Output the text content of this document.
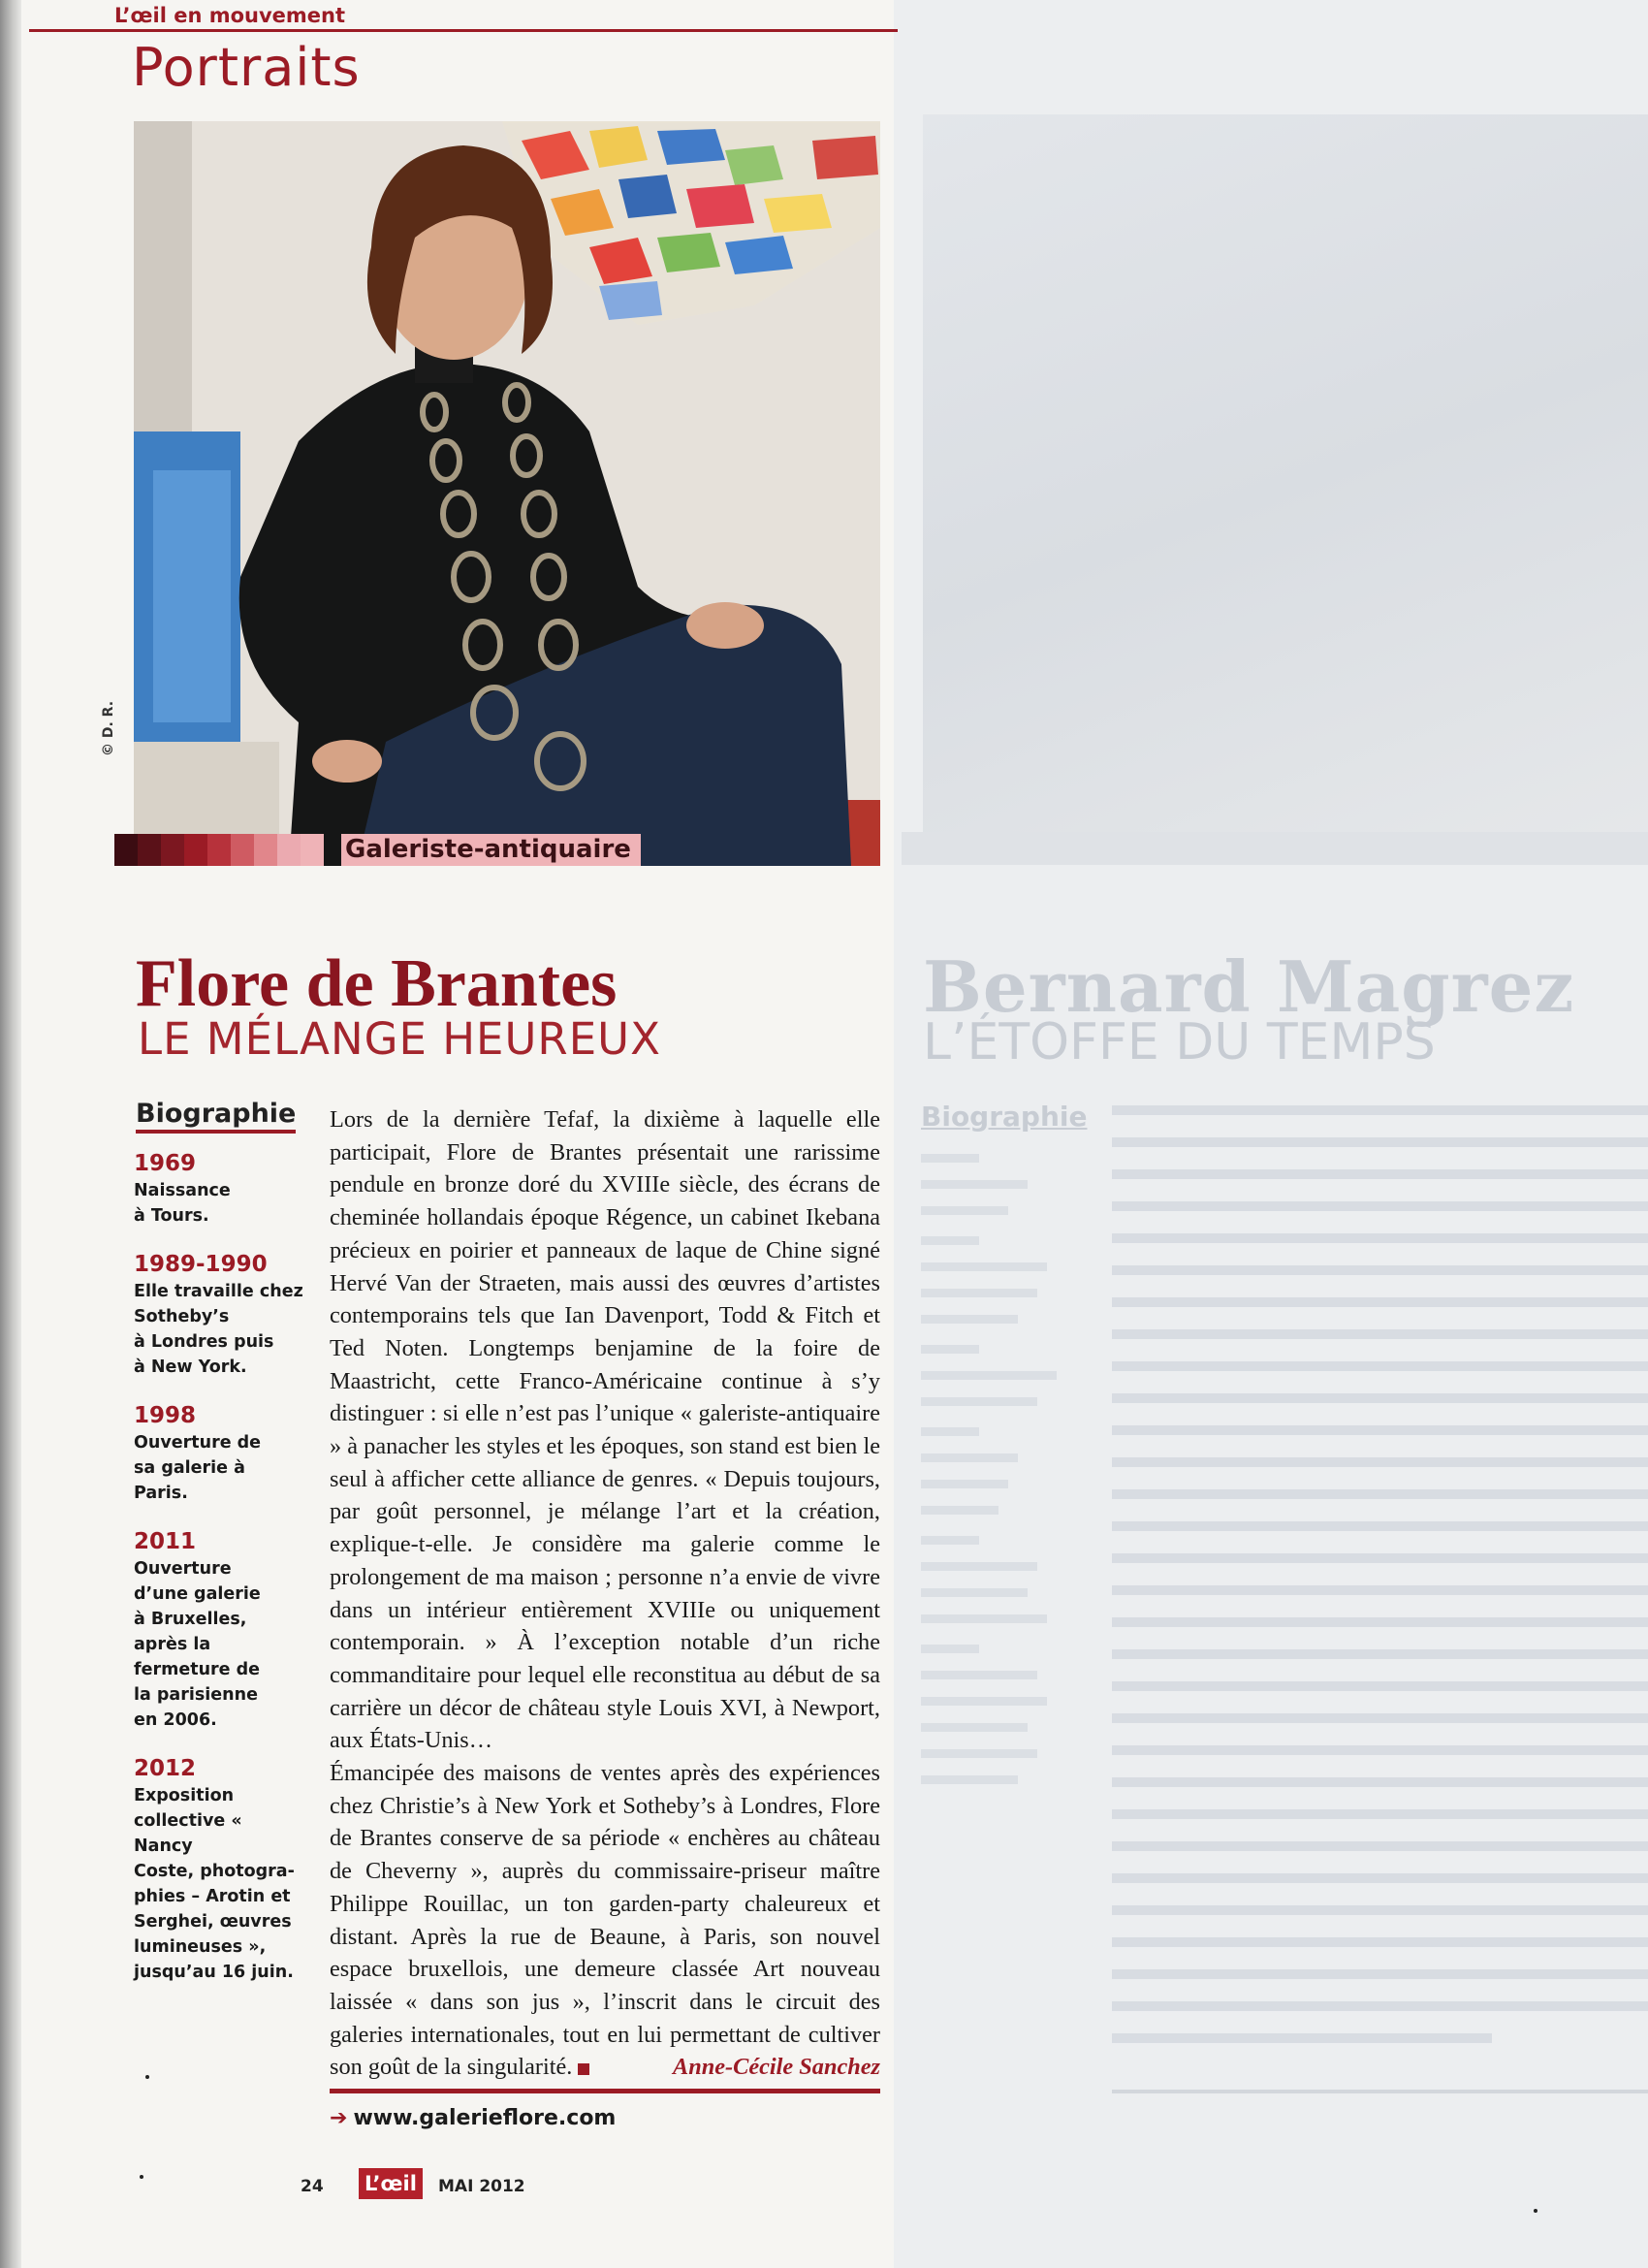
Bernard Magrez
L’ÉTOFFE DU TEMPS
Biographie
L’œil en mouvement
Portraits
© D. R.
Galeriste-antiquaire
Flore de Brantes
LE MÉLANGE HEUREUX
Biographie
1969
Naissance
à Tours.
1989-1990
Elle travaille chez
Sotheby’s
à Londres puis
à New York.
1998
Ouverture de
sa galerie à Paris.
2011
Ouverture
d’une galerie
à Bruxelles,
après la
fermeture de
la parisienne
en 2006.
2012
Exposition
collective « Nancy
Coste, photogra-
phies – Arotin et
Serghei, œuvres
lumineuses »,
jusqu’au 16 juin.

Lors de la dernière Tefaf, la dixième à laquelle elle participait, Flore de Brantes présentait une rarissime pendule en bronze doré du XVIIIe siècle, des écrans de cheminée hollandais époque Régence, un cabinet Ikebana précieux en poirier et panneaux de laque de Chine signé Hervé Van der Straeten, mais aussi des œuvres d’artistes contemporains tels que Ian Davenport, Todd & Fitch et Ted Noten. Longtemps benjamine de la foire de Maastricht, cette Franco-Américaine continue à s’y distinguer : si elle n’est pas l’unique « galeriste-antiquaire » à panacher les styles et les époques, son stand est bien le seul à afficher cette alliance de genres. « Depuis toujours, par goût personnel, je mélange l’art et la création, explique-t-elle. Je considère ma galerie comme le prolongement de ma maison ; personne n’a envie de vivre dans un intérieur entièrement XVIIIe ou uniquement contemporain. » À l’exception notable d’un riche commanditaire pour lequel elle reconstitua au début de sa carrière un décor de château style Louis XVI, à Newport, aux États-Unis…

Émancipée des maisons de ventes après des expériences chez Christie’s à New York et Sotheby’s à Londres, Flore de Brantes conserve de sa période « enchères au château de Cheverny », auprès du commissaire-priseur maître Philippe Rouillac, un ton garden-party chaleureux et distant. Après la rue de Beaune, à Paris, son nouvel espace bruxellois, une demeure classée Art nouveau laissée « dans son jus », l’inscrit dans le circuit des galeries internationales, tout en lui permettant de cultiver son goût de la singularité.	Anne-Cécile Sanchez

➔ www.galerieflore.com
24 L’œil	MAI 2012
